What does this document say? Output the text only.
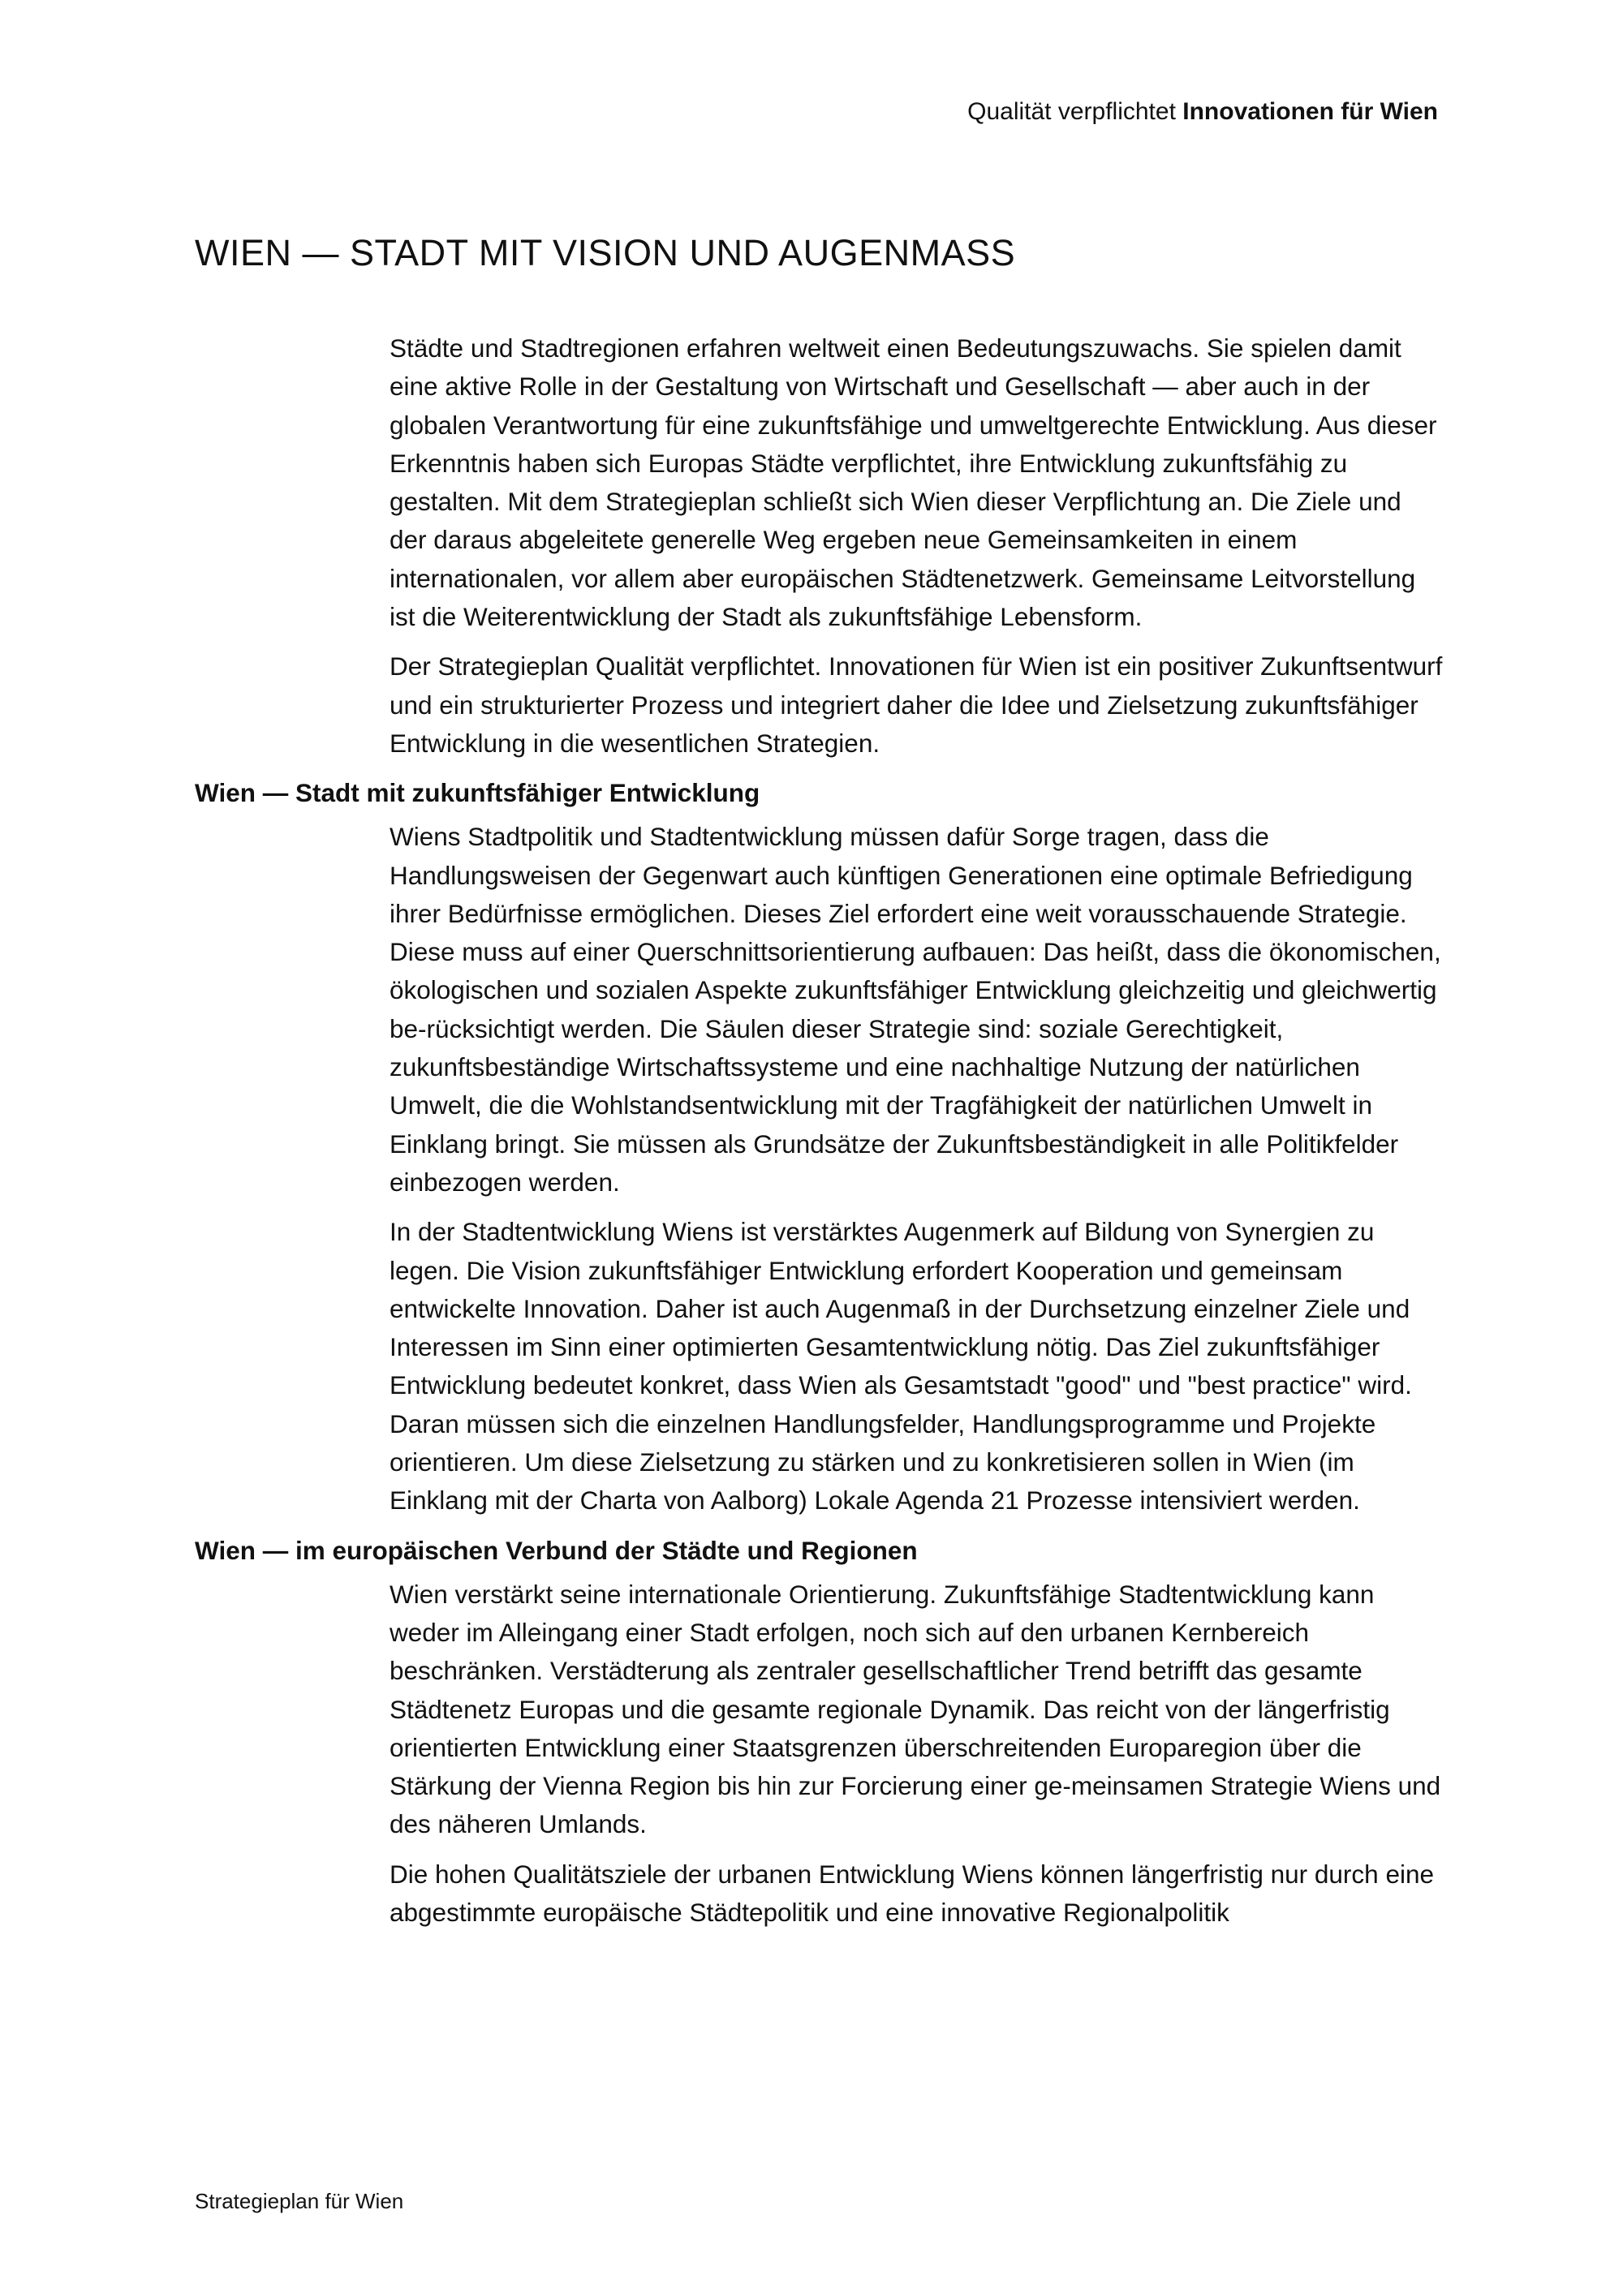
Qualität verpflichtet Innovationen für Wien
WIEN — STADT MIT VISION UND AUGENMASS

Städte und Stadtregionen erfahren weltweit einen Bedeutungszuwachs. Sie spielen damit eine aktive Rolle in der Gestaltung von Wirtschaft und Gesellschaft — aber auch in der globalen Verantwortung für eine zukunftsfähige und umweltgerechte Entwicklung. Aus dieser Erkenntnis haben sich Europas Städte verpflichtet, ihre Entwicklung zukunftsfähig zu gestalten. Mit dem Strategieplan schließt sich Wien dieser Verpflichtung an. Die Ziele und der daraus abgeleitete generelle Weg ergeben neue Gemeinsamkeiten in einem internationalen, vor allem aber europäischen Städtenetzwerk. Gemeinsame Leitvorstellung ist die Weiterentwicklung der Stadt als zukunftsfähige Lebensform.

Der Strategieplan Qualität verpflichtet. Innovationen für Wien ist ein positiver Zukunftsentwurf und ein strukturierter Prozess und integriert daher die Idee und Zielsetzung zukunftsfähiger Entwicklung in die wesentlichen Strategien.

Wien — Stadt mit zukunftsfähiger Entwicklung

Wiens Stadtpolitik und Stadtentwicklung müssen dafür Sorge tragen, dass die Handlungsweisen der Gegenwart auch künftigen Generationen eine optimale Befriedigung ihrer Bedürfnisse ermöglichen. Dieses Ziel erfordert eine weit vorausschauende Strategie. Diese muss auf einer Querschnittsorientierung aufbauen: Das heißt, dass die ökonomischen, ökologischen und sozialen Aspekte zukunftsfähiger Entwicklung gleichzeitig und gleichwertig be-rücksichtigt werden. Die Säulen dieser Strategie sind: soziale Gerechtigkeit, zukunftsbeständige Wirtschaftssysteme und eine nachhaltige Nutzung der natürlichen Umwelt, die die Wohlstandsentwicklung mit der Tragfähigkeit der natürlichen Umwelt in Einklang bringt. Sie müssen als Grundsätze der Zukunftsbeständigkeit in alle Politikfelder einbezogen werden.

In der Stadtentwicklung Wiens ist verstärktes Augenmerk auf Bildung von Synergien zu legen. Die Vision zukunftsfähiger Entwicklung erfordert Kooperation und gemeinsam entwickelte Innovation. Daher ist auch Augenmaß in der Durchsetzung einzelner Ziele und Interessen im Sinn einer optimierten Gesamtentwicklung nötig. Das Ziel zukunftsfähiger Entwicklung bedeutet konkret, dass Wien als Gesamtstadt "good" und "best practice" wird. Daran müssen sich die einzelnen Handlungsfelder, Handlungsprogramme und Projekte orientieren. Um diese Zielsetzung zu stärken und zu konkretisieren sollen in Wien (im Einklang mit der Charta von Aalborg) Lokale Agenda 21 Prozesse intensiviert werden.

Wien — im europäischen Verbund der Städte und Regionen

Wien verstärkt seine internationale Orientierung. Zukunftsfähige Stadtentwicklung kann weder im Alleingang einer Stadt erfolgen, noch sich auf den urbanen Kernbereich beschränken. Verstädterung als zentraler gesellschaftlicher Trend betrifft das gesamte Städtenetz Europas und die gesamte regionale Dynamik. Das reicht von der längerfristig orientierten Entwicklung einer Staatsgrenzen überschreitenden Europaregion über die Stärkung der Vienna Region bis hin zur Forcierung einer ge-meinsamen Strategie Wiens und des näheren Umlands.

Die hohen Qualitätsziele der urbanen Entwicklung Wiens können längerfristig nur durch eine abgestimmte europäische Städtepolitik und eine innovative Regionalpolitik

Strategieplan für Wien
